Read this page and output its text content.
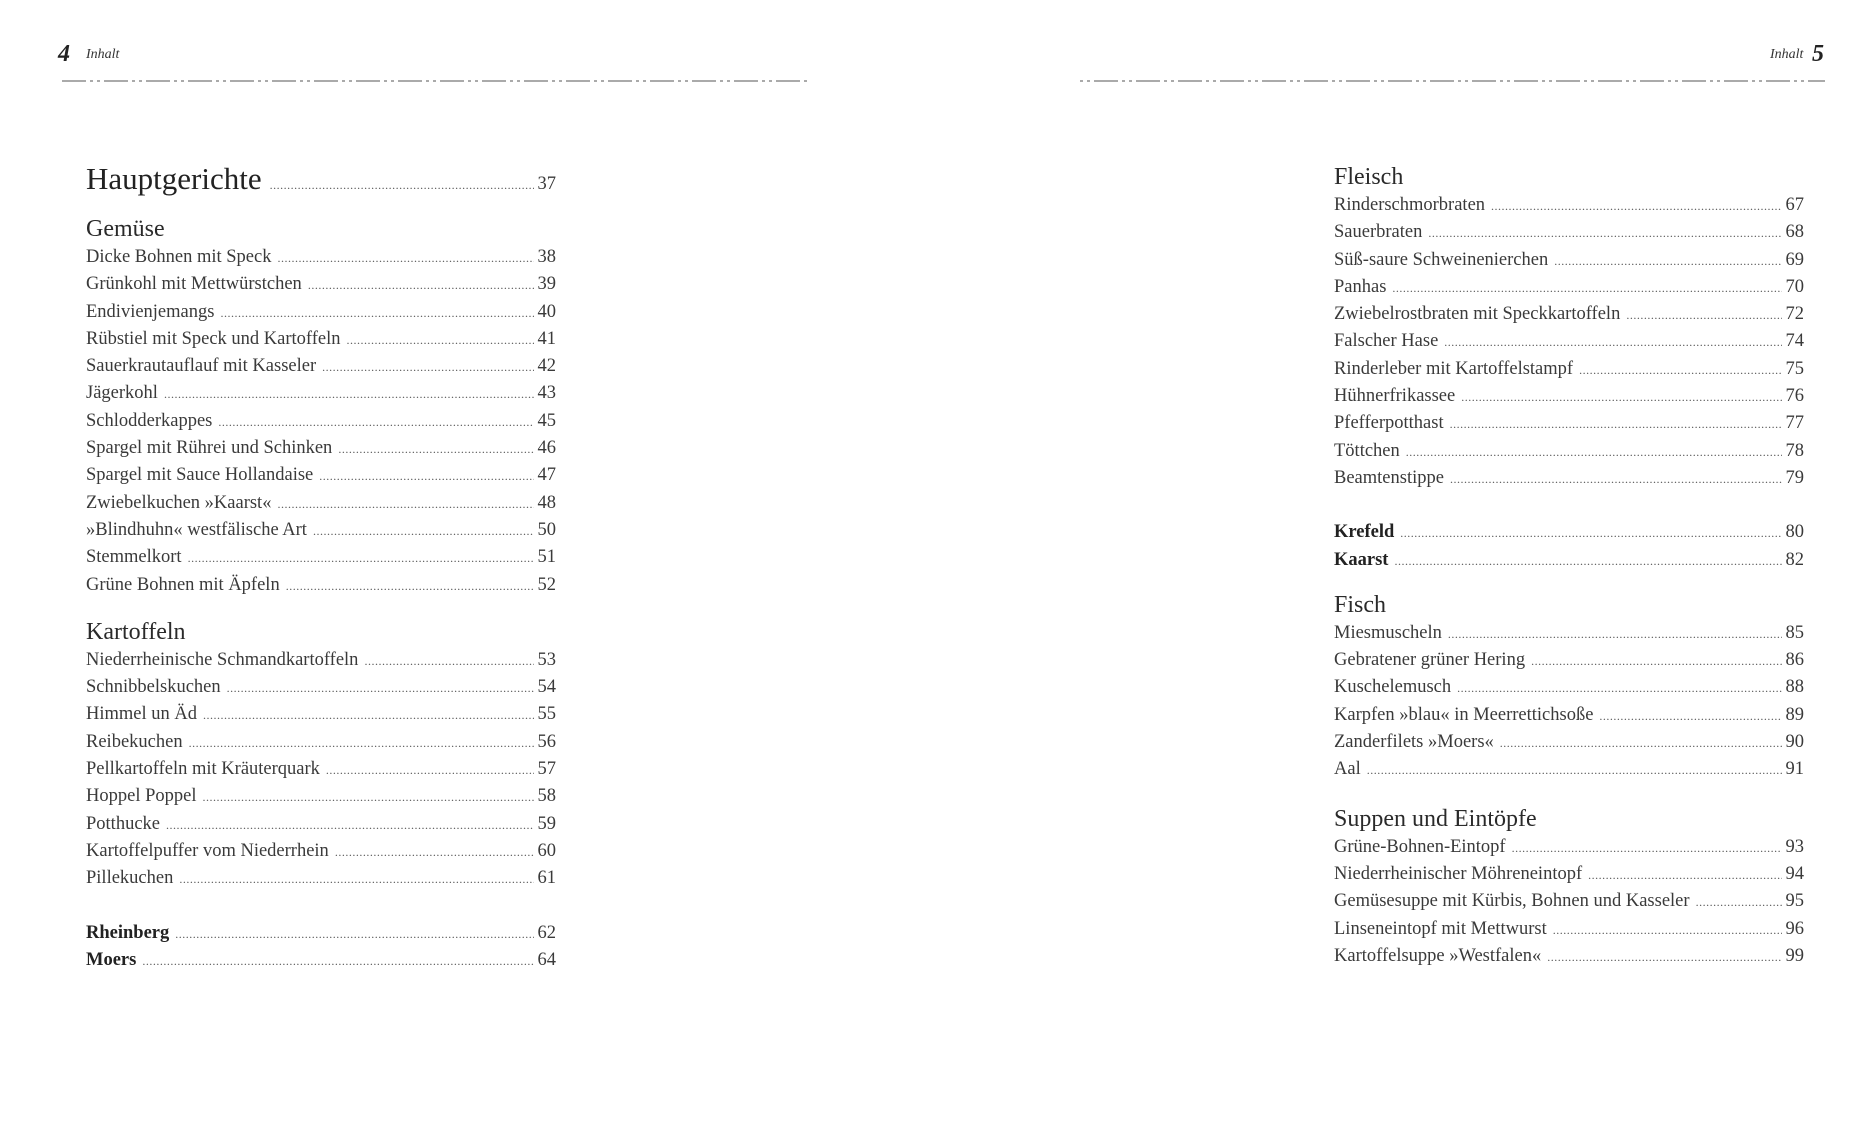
4 Inhalt	Inhalt 5
Hauptgerichte .....	37
Gemüse
Dicke Bohnen mit Speck .....	38
Grünkohl mit Mettwürstchen .....	39
Endivienjemangs .....	40
Rübstiel mit Speck und Kartoffeln .....	41
Sauerkrautauflauf mit Kasseler .....	42
Jägerkohl .....	43
Schlodderkappes .....	45
Spargel mit Rührei und Schinken .....	46
Spargel mit Sauce Hollandaise .....	47
Zwiebelkuchen »Kaarst« .....	48
»Blindhuhn« westfälische Art .....	50
Stemmelkort .....	51
Grüne Bohnen mit Äpfeln .....	52
Kartoffeln
Niederrheinische Schmandkartoffeln .....	53
Schnibbelskuchen .....	54
Himmel un Äd .....	55
Reibekuchen .....	56
Pellkartoffeln mit Kräuterquark .....	57
Hoppel Poppel .....	58
Potthucke .....	59
Kartoffelpuffer vom Niederrhein .....	60
Pillekuchen .....	61
Rheinberg .....	62
Moers .....	64
Fleisch
Rinderschmorbraten .....	67
Sauerbraten .....	68
Süß-saure Schweinenierchen .....	69
Panhas .....	70
Zwiebelrostbraten mit Speckkartoffeln .....	72
Falscher Hase .....	74
Rinderleber mit Kartoffelstampf .....	75
Hühnerfrikassee .....	76
Pfefferpotthast .....	77
Töttchen .....	78
Beamtenstippe .....	79
Krefeld .....	80
Kaarst .....	82
Fisch
Miesmuscheln .....	85
Gebratener grüner Hering .....	86
Kuschelemusch .....	88
Karpfen »blau« in Meerrettichsoße .....	89
Zanderfilets »Moers« .....	90
Aal .....	91
Suppen und Eintöpfe
Grüne-Bohnen-Eintopf .....	93
Niederrheinischer Möhreneintopf .....	94
Gemüsesuppe mit Kürbis, Bohnen und Kasseler .....	95
Linseneintopf mit Mettwurst .....	96
Kartoffelsuppe »Westfalen« .....	99
